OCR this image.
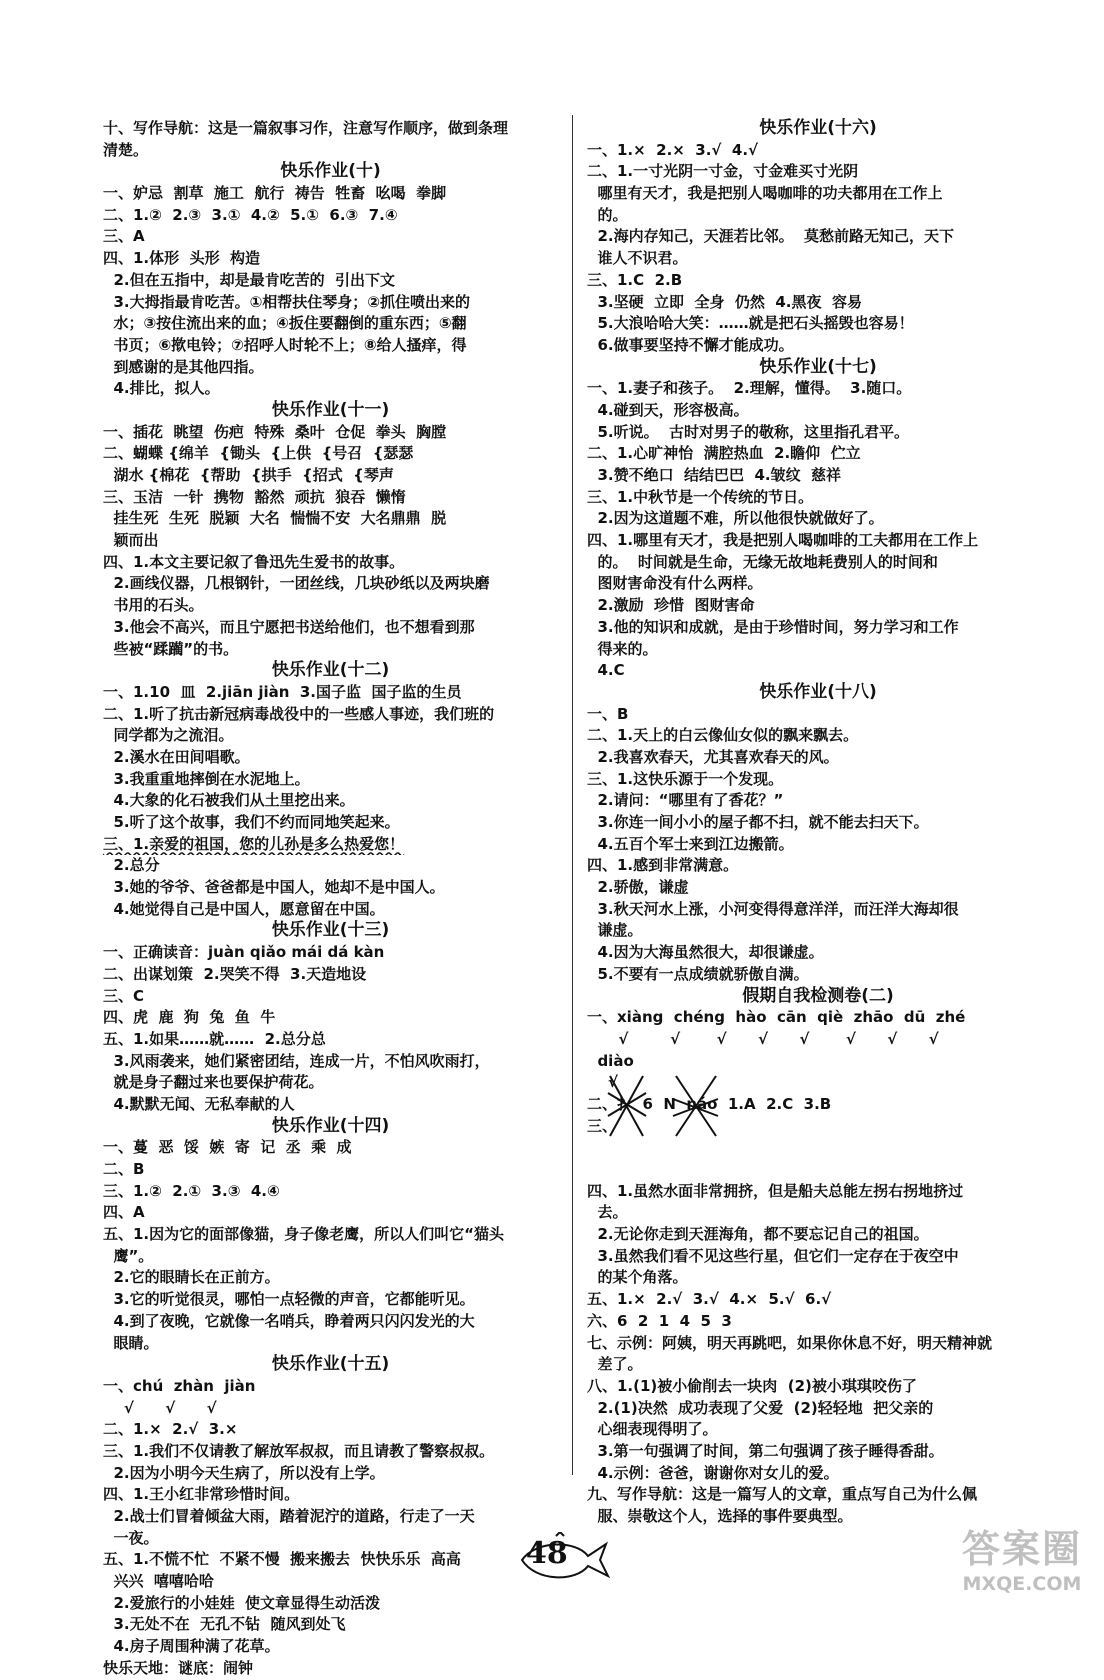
十、写作导航：这是一篇叙事习作，注意写作顺序，做到条理
清楚。
快乐作业(十)
一、妒忌  割草  施工  航行  祷告  牲畜  吆喝  拳脚
二、1.②  2.③  3.①  4.②  5.①  6.③  7.④
三、A
四、1.体形  头形  构造
2.但在五指中，却是最肯吃苦的  引出下文
3.大拇指最肯吃苦。①相帮扶住琴身；②抓住喷出来的
水；③按住流出来的血；④扳住要翻倒的重东西；⑤翻
书页；⑥揿电铃；⑦招呼人时轮不上；⑧给人搔痒，得
到感谢的是其他四指。
4.排比，拟人。
快乐作业(十一)
一、插花  眺望  伤疤  特殊  桑叶  仓促  拳头  胸膛
二、蝴蝶 {绵羊  {锄头  {上供  {号召  {瑟瑟
湖水 {棉花  {帮助  {拱手  {招式  {琴声
三、玉洁  一针  携物  豁然  顽抗  狼吞  懒惰
挂生死  生死  脱颖  大名  惴惴不安  大名鼎鼎  脱
颖而出
四、1.本文主要记叙了鲁迅先生爱书的故事。
2.画线仪器，几根钢针，一团丝线，几块砂纸以及两块磨
书用的石头。
3.他会不高兴，而且宁愿把书送给他们，也不想看到那
些被“蹂躏”的书。
快乐作业(十二)
一、1.10  皿  2.jiān jiàn  3.国子监  国子监的生员
二、1.听了抗击新冠病毒战役中的一些感人事迹，我们班的
同学都为之流泪。
2.溪水在田间唱歌。
3.我重重地摔倒在水泥地上。
4.大象的化石被我们从土里挖出来。
5.听了这个故事，我们不约而同地笑起来。
三、1.亲爱的祖国，您的儿孙是多么热爱您！
2.总分
3.她的爷爷、爸爸都是中国人，她却不是中国人。
4.她觉得自己是中国人，愿意留在中国。
快乐作业(十三)
一、正确读音：juàn qiǎo mái dá kàn
二、出谋划策  2.哭笑不得  3.天造地设
三、C
四、虎  鹿  狗  兔  鱼  牛
五、1.如果……就……  2.总分总
3.风雨袭来，她们紧密团结，连成一片，不怕风吹雨打，
就是身子翻过来也要保护荷花。
4.默默无闻、无私奉献的人
快乐作业(十四)
一、蔓  恶  馁  嫉  寄  记  丞  乘  成
二、B
三、1.②  2.①  3.③  4.④
四、A
五、1.因为它的面部像猫，身子像老鹰，所以人们叫它“猫头
鹰”。
2.它的眼睛长在正前方。
3.它的听觉很灵，哪怕一点轻微的声音，它都能听见。
4.到了夜晚，它就像一名哨兵，睁着两只闪闪发光的大
眼睛。
快乐作业(十五)
一、chú  zhàn  jiàn
√      √      √
二、1.×  2.√  3.×
三、1.我们不仅请教了解放军叔叔，而且请教了警察叔叔。
2.因为小明今天生病了，所以没有上学。
四、1.王小红非常珍惜时间。
2.战士们冒着倾盆大雨，踏着泥泞的道路，行走了一天
一夜。
五、1.不慌不忙  不紧不慢  搬来搬去  快快乐乐  高高
兴兴  嘻嘻哈哈
2.爱旅行的小娃娃  使文章显得生动活泼
3.无处不在  无孔不钻  随风到处飞
4.房子周围种满了花草。
快乐天地：谜底：闹钟
快乐作业(十六)
一、1.×  2.×  3.√  4.√
二、1.一寸光阴一寸金，寸金难买寸光阴
哪里有天才，我是把别人喝咖啡的功夫都用在工作上
的。
2.海内存知己，天涯若比邻。  莫愁前路无知己，天下
谁人不识君。
三、1.C  2.B
3.坚硬  立即  全身  仍然  4.黑夜  容易
5.大浪哈哈大笑：……就是把石头摇毁也容易！
6.做事要坚持不懈才能成功。
快乐作业(十七)
一、1.妻子和孩子。  2.理解，懂得。  3.随口。
4.碰到天，形容极高。
5.听说。  古时对男子的敬称，这里指孔君平。
二、1.心旷神怡  满腔热血  2.瞻仰  伫立
3.赞不绝口  结结巴巴  4.皱纹  慈祥
三、1.中秋节是一个传统的节日。
2.因为这道题不难，所以他很快就做好了。
四、1.哪里有天才，我是把别人喝咖啡的工夫都用在工作上
的。  时间就是生命，无缘无故地耗费别人的时间和
图财害命没有什么两样。
2.激励  珍惜  图财害命
3.他的知识和成就，是由于珍惜时间，努力学习和工作
得来的。
4.C
快乐作业(十八)
一、B
二、1.天上的白云像仙女似的飘来飘去。
2.我喜欢春天，尤其喜欢春天的风。
三、1.这快乐源于一个发现。
2.请问：“哪里有了香花？”
3.你连一间小小的屋子都不扫，就不能去扫天下。
4.五百个军士来到江边搬箭。
四、1.感到非常满意。
2.骄傲，谦虚
3.秋天河水上涨，小河变得得意洋洋，而汪洋大海却很
谦虚。
4.因为大海虽然很大，却很谦虚。
5.不要有一点成绩就骄傲自满。
假期自我检测卷(二)
一、xiàng  chéng  hào  cān  qiè  zhāo  dū  zhé
√        √       √      √      √       √      √      √
diào
√
二、扌  6  N  náo  1.A  2.C  3.B
三、
四、1.虽然水面非常拥挤，但是船夫总能左拐右拐地挤过
去。
2.无论你走到天涯海角，都不要忘记自己的祖国。
3.虽然我们看不见这些行星，但它们一定存在于夜空中
的某个角落。
五、1.×  2.√  3.√  4.×  5.√  6.√
六、6  2  1  4  5  3
七、示例：阿姨，明天再跳吧，如果你休息不好，明天精神就
差了。
八、1.(1)被小偷削去一块肉  (2)被小琪琪咬伤了
2.(1)决然  成功表现了父爱  (2)轻轻地  把父亲的
心细表现得明了。
3.第一句强调了时间，第二句强调了孩子睡得香甜。
4.示例：爸爸，谢谢你对女儿的爱。
九、写作导航：这是一篇写人的文章，重点写自己为什么佩
服、崇敬这个人，选择的事件要典型。
48	答案圈
MXQE.COM
